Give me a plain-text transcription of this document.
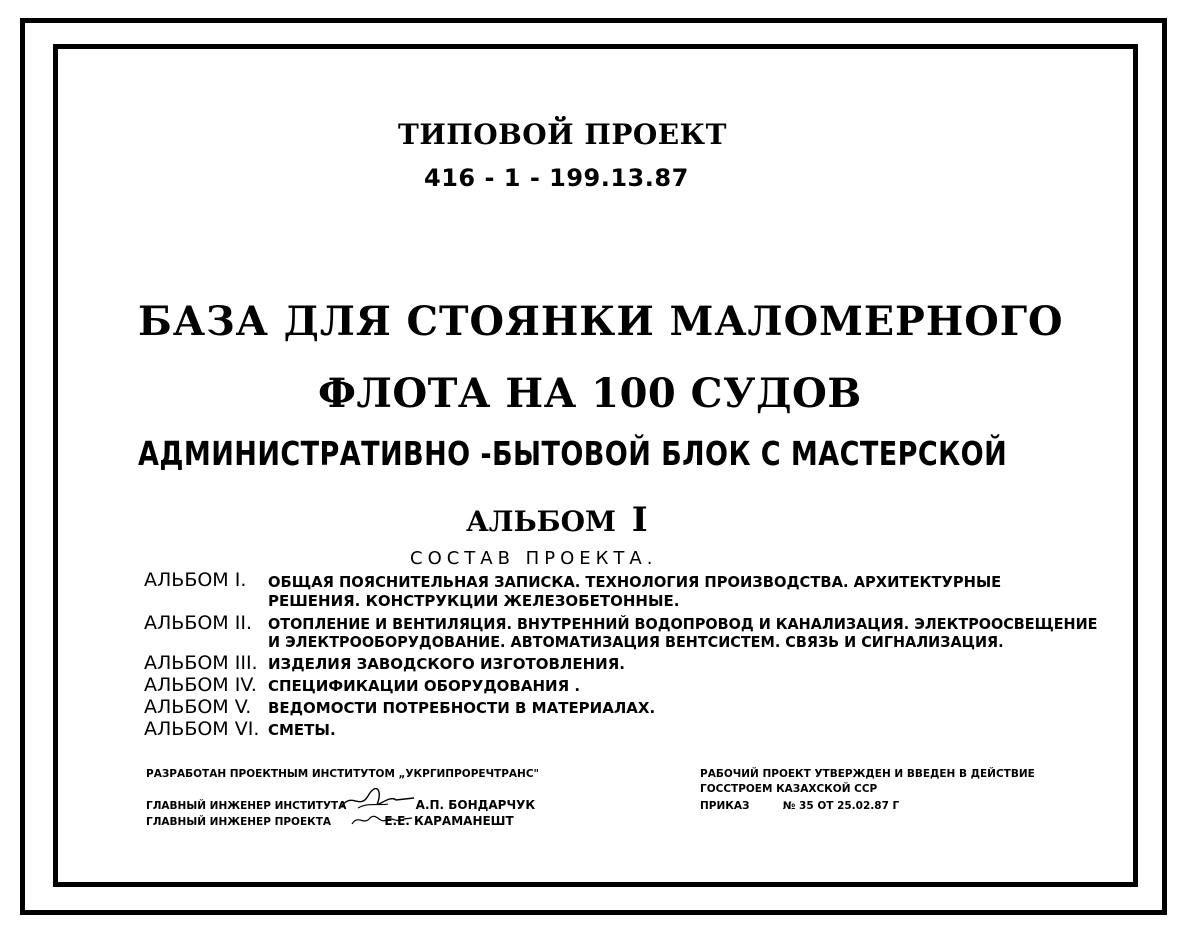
ТИПОВОЙ ПРОЕКТ
416 - 1 - 199.13.87
БАЗА ДЛЯ СТОЯНКИ МАЛОМЕРНОГО
ФЛОТА НА 100 СУДОВ
АДМИНИСТРАТИВНО -БЫТОВОЙ БЛОК С МАСТЕРСКОЙ
АЛЬБОМ I
СОСТАВ ПРОЕКТА.
АЛЬБОМ I. ОБЩАЯ ПОЯСНИТЕЛЬНАЯ ЗАПИСКА. ТЕХНОЛОГИЯ ПРОИЗВОДСТВА. АРХИТЕКТУРНЫЕ
РЕШЕНИЯ. КОНСТРУКЦИИ ЖЕЛЕЗОБЕТОННЫЕ.
АЛЬБОМ II. ОТОПЛЕНИЕ И ВЕНТИЛЯЦИЯ. ВНУТРЕННИЙ ВОДОПРОВОД И КАНАЛИЗАЦИЯ. ЭЛЕКТРООСВЕЩЕНИЕ
И ЭЛЕКТРООБОРУДОВАНИЕ. АВТОМАТИЗАЦИЯ ВЕНТСИСТЕМ. СВЯЗЬ И СИГНАЛИЗАЦИЯ.
АЛЬБОМ III. ИЗДЕЛИЯ ЗАВОДСКОГО ИЗГОТОВЛЕНИЯ.
АЛЬБОМ IV. СПЕЦИФИКАЦИИ ОБОРУДОВАНИЯ .
АЛЬБОМ V. ВЕДОМОСТИ ПОТРЕБНОСТИ В МАТЕРИАЛАХ.
АЛЬБОМ VI. СМЕТЫ.
РАЗРАБОТАН ПРОЕКТНЫМ ИНСТИТУТОМ „УКРГИПРОРЕЧТРАНС"
ГЛАВНЫЙ ИНЖЕНЕР ИНСТИТУТА	А.П. БОНДАРЧУК
ГЛАВНЫЙ ИНЖЕНЕР ПРОЕКТА	Е.Е. КАРАМАНЕШТ
РАБОЧИЙ ПРОЕКТ УТВЕРЖДЕН И ВВЕДЕН В ДЕЙСТВИЕ
ГОССТРОЕМ КАЗАХСКОЙ ССР
ПРИКАЗ	№ 35 ОТ 25.02.87 Г
